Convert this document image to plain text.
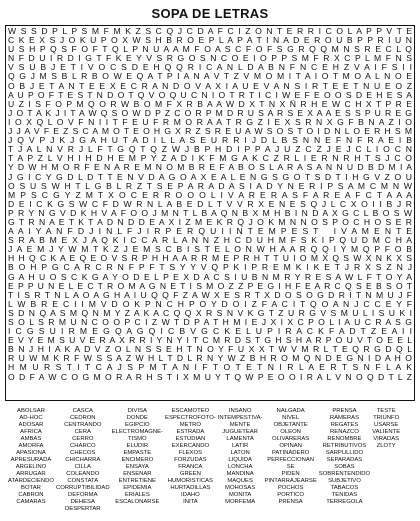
SOPA DE LETRAS
W S S D P L P S M F M K Z S C Q J C D A F C I Z O N T E R R I C O L A P P V T E
C K E X S J O K U P O X W S H B R O E P L A P A T I N A D E R O U B P P R I U N
U S H P Q S F O F T Q L P N U A A M F O A S C F O F S G R Q Q M N S R E C L Q
N F D U I R D I G T F K E Y V S R G O S N C O E I O P P S M F R X C P L M F N S
V S U B J E T I V O C S D E H Q Q R I C A N L D A B N F N C E H Z V A I F S I I
Q G J M S B L R B O W E Q A T P I A N A V T Z V M O M I T A I O T M O A L N O E
O B J E T A N T E E X E C R A N D O V A X I A U E V A N S I R T E E T N U E O Z
A U P O F T E S T N D O T Q V O Q U C N I O T R T I C I W E F E O O S D E H E S A
U Z I S F O P M Q O R W B O M F X R B A A W D X T N X Ñ R H E W C H X T P R E
J O T A K J I T A W Q S O W D P Z C O R P M D R U S A R S E X A A E S S P U R E G
I O X Q L O V F N I I T F E U F R M O R A A T R G Z I E X S R N X G F B N A Z I O
J J A V F E Z S C A M O T E O H G X R Z S R E U A W S O S T O I D N L O E R H S M
J Q V P J K J G A H U T A D I L L A S E U R R I J D L B S N N E F N F R A E I B
T J A L N V R J L F T G Q T Q Z W J B P H D I P P A J U Z C Z J E J C L I O C N
T A P Z L V H I H D H E M P Y Z A D I K F M G A K C Z R L I E R N R H T S J C O
Y D W H M O R F E N A R E M N O M B R E F A B O S L A R A S A N N U D B D M I A
J G I C Y G D L D T T E N V D A G O A X E A L E N G S G O T S D T I H G V Z O U
O S U S W H T L G B L R Z T S E P A R A D A S I A D Y N E R I P S A M C M N W
M P S C G Y Z M T X O C E R R O O O L I V A R E R A S F A R E A F C T A A A
D E I C K G S W C F D W R N L A B E D L T V V R X E N E S Q J L C X O I I B J R
P R Y N G V D K H V A F O O J M N T L B A Q N B X M H B I N D A X G C L B O S W
G T R N A E T K T A D N D D E A X I Z M E K R Q J O K M N N O S P O C H O S E R
A A I Y A N F D J I N L F J I R P E R Q U I I N T E M P E S T   I V A M E N T E
S R A B M E X J A Q K I C C A R L A N N Z H C D U H M F S K I P Q U D M C H A
J A E M J Y W M T K Z J E M S C B I S T E L O N W H A A R Q Q I Y M Q P F O B
H H Q C K A E Q E O V S R P H H A A R R M E P R H T T U I O M X Q S W X N K X S
B O H P G C A R C R N F P F T S Y Y V Q P K I P R E M K I K E T J R X S Z N J
G A H U O S C K G A Y O D E L P E X D A C S I U B N M R Y R E S A W L F T O Y A
E P P U N E L E C T R O M A G N E T I S M O Z Z P E G I H F E A R C Q S E B S O T
T I S R T N L A O A G H A I U Q Q F Z A W X E S R T X D O S O G D R I T N M U J F
L W B R E C I I M V D O K P N C H P O Y D O I Z F A C I T Q O A N J C C E Y F
S D N Q A S M Q N M Y Z A K A C Q Q X R S N V K G T Z U R G V S M U L I S U K I
S O L S R M U N C O O P C I Z W T D P A T H M I E J X I X C P O L I A U C R A S G
I C G S U I R M E G Q A G Q I C B V G C K E L U P I R A C K F A D T Z E A I I
E V Y E M S U V E R A X R R I Y N Y I T C M R D S T G H S H A R P O U V T O E E L
B N J H I A K A D V Z O L N S S E H T N O Y F U X X T W V M R L T E Q R G D Q L
R U W M K R F W S S A Z W H L T D L R N Y W Z B H R O M Q N D E G N I D A H O
H M U R S T I T C A J S P M T A N I F T O T E T N I R L A E R T S N F L A K
O D F A W C O G M O R A R H S T I X M U Y T Q W P E O O I R A L V N O Q D T L Z
ABOLSAR
AD-HOC
ADOSAR
ÁFRICA
AMBAS
AMORFA
APASIONA
APRESURADA
ARGELINO
ARRUGAR
ATARDECIENDO
BOTAR
CABRÓN
CÁMARAS
CASCA
CEDRÓN
CENTRANDO
CERA
CERRÓ
CHARCO
CHECOS
CHICHARRA
CILLA
COLEANDO
CONSTATA
CORRUPTIBILIDAD
DEFORMA
DEHESA
DESPERTAR
DIVISA
DÓNDE
EGIPCIO
ELECTROMAGNE-
TISMO
ELUDIR
EMPASTE
ENCIMERO
ENSAYA
ENSEÑAR
ENTRETIENE
EPIDEMIA
ERIALES
ESCALONARSE
ESCAMOTEO
ESPECTROFOTÓ-
METRO
ESTRADA
ESTUDIAN
EXERCANDO
FLEXOS
FORZUDAS
FRANCA
GREEN
HUMORÍSTICAS
HURTADILLAS
IDAHO
INITA
INSANO
INTEMPESTIVA-
MENTE
JUGUETEAR
LAMENTA
LATÍR
LATÓN
LIQUIDA
LONCHA
MANDINA
MAQUES
MOHOSAS
MÓNITA
MORFEMA
NALGADA
NIVEL
OBJETANTE
OLEÓN
OLIVARERAS
OPINAN
PATINADERO
PERFECCIONAN
SE
PIDEN
PINTARRAJEARSE
POCHOS
PÓRTICO
PRENSA
PRENSA
RAMERAS
REGATES
RENAZCO
RENOMBRE
RETRIBUTIVOS
SARPULLIDO
SEPARADAS
SOBAS
SOBRENTENDIDO
SUBJETIVO
TABACOS
TENIDAS
TERREGOLA
TESTE
TRIUNFO
USARSE
VALIENTE
VIRADAS
ZLOTY
